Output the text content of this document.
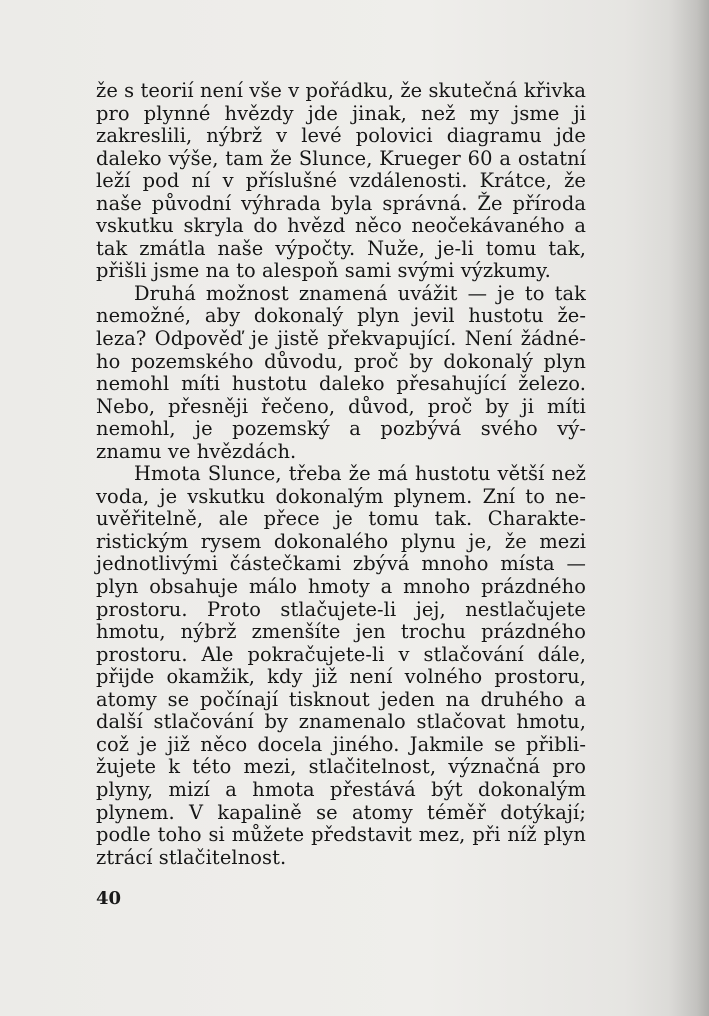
že s teorií není vše v pořádku, že skutečná křivka
pro plynné hvězdy jde jinak, než my jsme ji
zakreslili, nýbrž v levé polovici diagramu jde
daleko výše, tam že Slunce, Krueger 60 a ostatní
leží pod ní v příslušné vzdálenosti. Krátce, že
naše původní výhrada byla správná. Že příroda
vskutku skryla do hvězd něco neočekávaného a
tak zmátla naše výpočty. Nuže, je-li tomu tak,
přišli jsme na to alespoň sami svými výzkumy.
Druhá možnost znamená uvážit — je to tak
nemožné, aby dokonalý plyn jevil hustotu že-
leza? Odpověď je jistě překvapující. Není žádné-
ho pozemského důvodu, proč by dokonalý plyn
nemohl míti hustotu daleko přesahující železo.
Nebo, přesněji řečeno, důvod, proč by ji míti
nemohl, je pozemský a pozbývá svého vý-
znamu ve hvězdách.
Hmota Slunce, třeba že má hustotu větší než
voda, je vskutku dokonalým plynem. Zní to ne-
uvěřitelně, ale přece je tomu tak. Charakte-
ristickým rysem dokonalého plynu je, že mezi
jednotlivými částečkami zbývá mnoho místa —
plyn obsahuje málo hmoty a mnoho prázdného
prostoru. Proto stlačujete-li jej, nestlačujete
hmotu, nýbrž zmenšíte jen trochu prázdného
prostoru. Ale pokračujete-li v stlačování dále,
přijde okamžik, kdy již není volného prostoru,
atomy se počínají tisknout jeden na druhého a
další stlačování by znamenalo stlačovat hmotu,
což je již něco docela jiného. Jakmile se přibli-
žujete k této mezi, stlačitelnost, význačná pro
plyny, mizí a hmota přestává být dokonalým
plynem. V kapalině se atomy téměř dotýkají;
podle toho si můžete představit mez, při níž plyn
ztrácí stlačitelnost.
40
